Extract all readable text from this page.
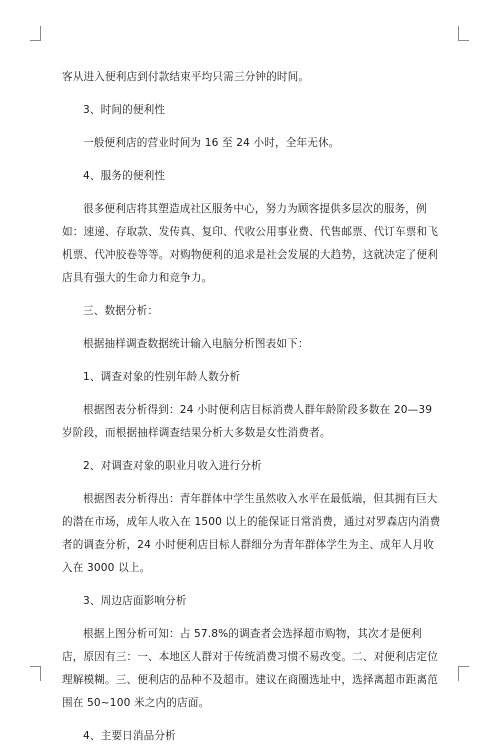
客从进入便利店到付款结束平均只需三分钟的时间。

3、时间的便利性

一般便利店的营业时间为 16 至 24 小时，全年无休。

4、服务的便利性

很多便利店将其塑造成社区服务中心，努力为顾客提供多层次的服务，例如：速递、存取款、发传真、复印、代收公用事业费、代售邮票、代订车票和飞机票、代冲胶卷等等。对购物便利的追求是社会发展的大趋势，这就决定了便利店具有强大的生命力和竞争力。

三、数据分析：

根据抽样调查数据统计输入电脑分析图表如下：

1、调查对象的性别年龄人数分析

根据图表分析得到：24 小时便利店目标消费人群年龄阶段多数在 20—39 岁阶段，而根据抽样调查结果分析大多数是女性消费者。

2、对调查对象的职业月收入进行分析

根据图表分析得出：青年群体中学生虽然收入水平在最低端，但其拥有巨大的潜在市场，成年人收入在 1500 以上的能保证日常消费，通过对罗森店内消费者的调查分析，24 小时便利店目标人群细分为青年群体学生为主、成年人月收入在 3000 以上。

3、周边店面影响分析

根据上图分析可知：占 57.8%的调查者会选择超市购物，其次才是便利店，原因有三：一、本地区人群对于传统消费习惯不易改变。二、对便利店定位理解模糊。三、便利店的品种不及超市。建议在商圈选址中，选择离超市距离范围在 50~100 米之内的店面。

4、主要日消品分析
